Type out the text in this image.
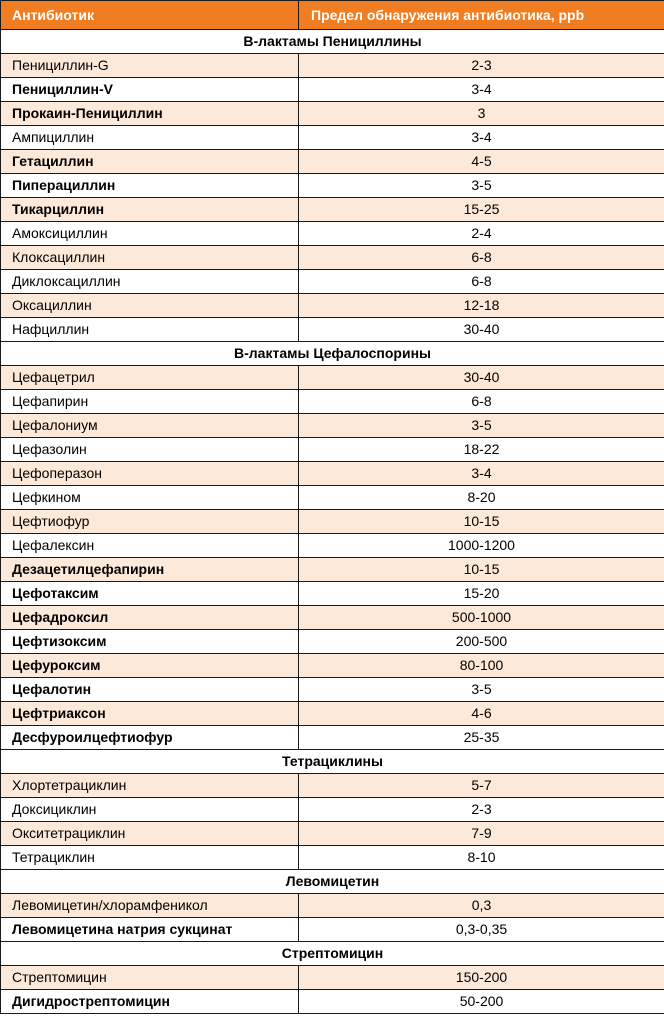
Антибиотик	Предел обнаружения антибиотика, ppb
В-лактамы Пенициллины	
Пенициллин-G	2-3
Пенициллин-V	3-4
Прокаин-Пенициллин	3
Ампициллин	3-4
Гетациллин	4-5
Пиперациллин	3-5
Тикарциллин	15-25
Амоксициллин	2-4
Клоксациллин	6-8
Диклоксациллин	6-8
Оксациллин	12-18
Нафциллин	30-40
В-лактамы Цефалоспорины	
Цефацетрил	30-40
Цефапирин	6-8
Цефалониум	3-5
Цефазолин	18-22
Цефоперазон	3-4
Цефкином	8-20
Цефтиофур	10-15
Цефалексин	1000-1200
Дезацетилцефапирин	10-15
Цефотаксим	15-20
Цефадроксил	500-1000
Цефтизоксим	200-500
Цефуроксим	80-100
Цефалотин	3-5
Цефтриаксон	4-6
Десфуроилцефтиофур	25-35
Тетрациклины	
Хлортетрациклин	5-7
Доксициклин	2-3
Окситетрациклин	7-9
Тетрациклин	8-10
Левомицетин	
Левомицетин/хлорамфеникол	0,3
Левомицетина натрия сукцинат	0,3-0,35
Стрептомицин	
Стрептомицин	150-200
Дигидрострептомицин	50-200
